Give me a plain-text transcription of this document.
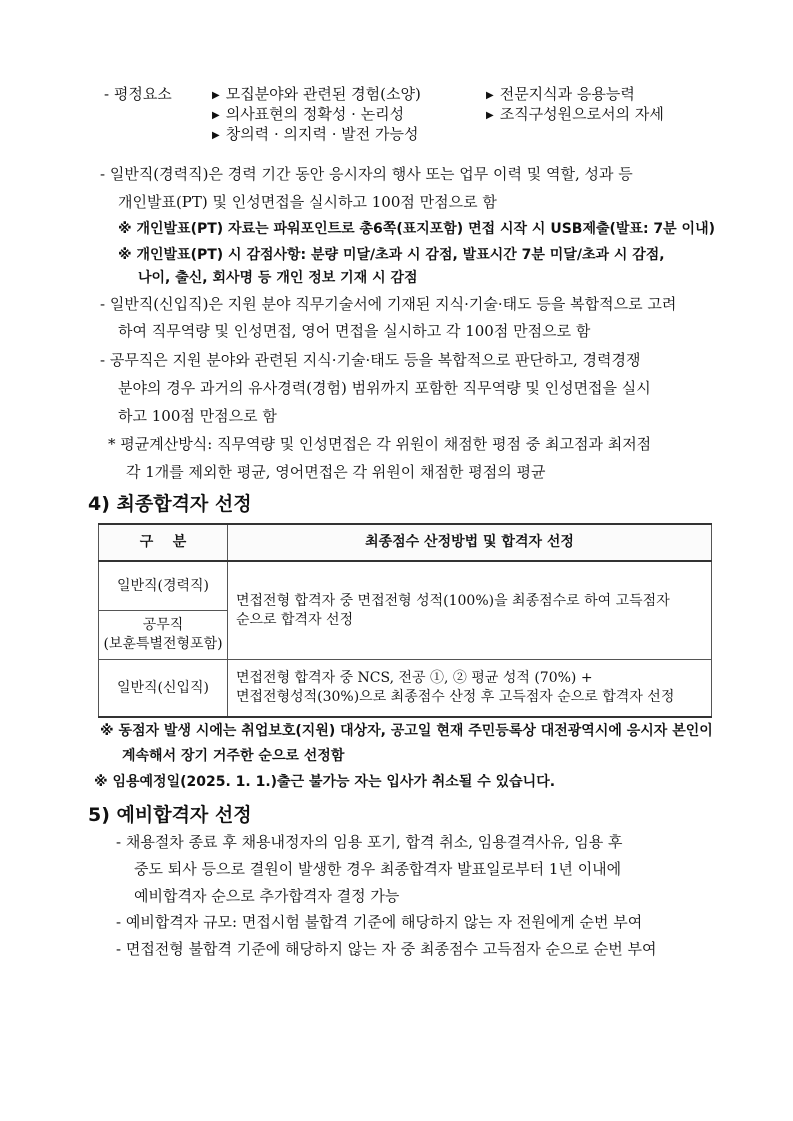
- 평정요소	▶ 모집분야와 관련된 경험(소양)
▶ 의사표현의 정확성 · 논리성
▶ 창의력 · 의지력 · 발전 가능성
▶ 전문지식과 응용능력
▶ 조직구성원으로서의 자세
- 일반직(경력직)은 경력 기간 동안 응시자의 행사 또는 업무 이력 및 역할, 성과 등
개인발표(PT) 및 인성면접을 실시하고 100점 만점으로 함
※ 개인발표(PT) 자료는 파워포인트로 총6쪽(표지포함) 면접 시작 시 USB제출(발표: 7분 이내)
※ 개인발표(PT) 시 감점사항: 분량 미달/초과 시 감점, 발표시간 7분 미달/초과 시 감점,
나이, 출신, 회사명 등 개인 정보 기재 시 감점
- 일반직(신입직)은 지원 분야 직무기술서에 기재된 지식·기술·태도 등을 복합적으로 고려
하여 직무역량 및 인성면접, 영어 면접을 실시하고 각 100점 만점으로 함
- 공무직은 지원 분야와 관련된 지식·기술·태도 등을 복합적으로 판단하고, 경력경쟁
분야의 경우 과거의 유사경력(경험) 범위까지 포함한 직무역량 및 인성면접을 실시
하고 100점 만점으로 함
* 평균계산방식: 직무역량 및 인성면접은 각 위원이 채점한 평점 중 최고점과 최저점
각 1개를 제외한 평균, 영어면접은 각 위원이 채점한 평점의 평균
4) 최종합격자 선정
구    분	최종점수 산정방법 및 합격자 선정
일반직(경력직)	면접전형 합격자 중 면접전형 성적(100%)을 최종점수로 하여 고득점자
순으로 합격자 선정

공무직
(보훈특별전형포함)	

일반직(신입직)	면접전형 합격자 중 NCS, 전공 ①, ② 평균 성적 (70%) +
면접전형성적(30%)으로 최종점수 산정 후 고득점자 순으로 합격자 선정
※ 동점자 발생 시에는 취업보호(지원) 대상자, 공고일 현재 주민등록상 대전광역시에 응시자 본인이
계속해서 장기 거주한 순으로 선정함
※ 임용예정일(2025. 1. 1.)출근 불가능 자는 입사가 취소될 수 있습니다.
5) 예비합격자 선정
- 채용절차 종료 후 채용내정자의 임용 포기, 합격 취소, 임용결격사유, 임용 후
중도 퇴사 등으로 결원이 발생한 경우 최종합격자 발표일로부터 1년 이내에
예비합격자 순으로 추가합격자 결정 가능
- 예비합격자 규모: 면접시험 불합격 기준에 해당하지 않는 자 전원에게 순번 부여
- 면접전형 불합격 기준에 해당하지 않는 자 중 최종점수 고득점자 순으로 순번 부여
